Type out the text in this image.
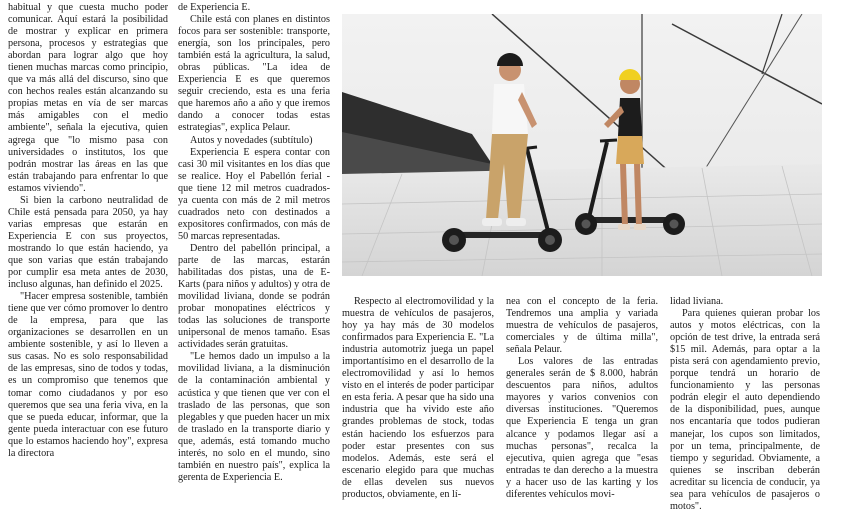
habitual y que cuesta mucho poder comunicar. Aquí estará la posibilidad de mostrar y explicar en primera persona, procesos y estrategias que abordan para lograr algo que hoy tienen muchas marcas como principio, que va más allá del discurso, sino que con hechos reales están alcanzando su propias metas en vía de ser marcas más amigables con el medio ambiente", señala la ejecutiva, quien agrega que "lo mismo pasa con universidades o institutos, los que podrán mostrar las áreas en las que están trabajando para enfrentar lo que estamos viviendo".

Si bien la carbono neutralidad de Chile está pensada para 2050, ya hay varias empresas que estarán en Experiencia E con sus proyectos, mostrando lo que están haciendo, ya que son varias que están trabajando por cumplir esa meta antes de 2030, incluso algunas, han definido el 2025.

"Hacer empresa sostenible, también tiene que ver cómo promover lo dentro de la empresa, para que las organizaciones se desarrollen en un ambiente sostenible, y así lo lleven a sus casas. No es solo responsabilidad de las empresas, sino de todos y todas, es un compromiso que tenemos que tomar como ciudadanos y por eso queremos que sea una feria viva, en la que se pueda educar, informar, que la gente pueda interactuar con ese futuro que lo estamos haciendo hoy", expresa la directora

de Experiencia E.

Chile está con planes en distintos focos para ser sostenible: transporte, energía, son los principales, pero también está la agricultura, la salud, obras públicas. "La idea de Experiencia E es que queremos seguir creciendo, esta es una feria que haremos año a año y que iremos dando a conocer todas estas estrategias", explica Pelaur.

Autos y novedades (subtítulo)

Experiencia E espera contar con casi 30 mil visitantes en los días que se realice. Hoy el Pabellón ferial -que tiene 12 mil metros cuadrados- ya cuenta con más de 2 mil metros cuadrados neto con destinados a expositores confirmados, con más de 50 marcas representadas.

Dentro del pabellón principal, a parte de las marcas, estarán habilitadas dos pistas, una de E-Karts (para niños y adultos) y otra de movilidad liviana, donde se podrán probar monopatines eléctricos y todas las soluciones de transporte unipersonal de menos tamaño. Esas actividades serán gratuitas.

"Le hemos dado un impulso a la movilidad liviana, a la disminución de la contaminación ambiental y acústica y que tienen que ver con el traslado de las personas, que son plegables y que pueden hacer un mix de traslado en la transporte diario y que, además, está tomando mucho interés, no solo en el mundo, sino también en nuestro país", explica la gerenta de Experiencia E.

Respecto al electromovilidad y la muestra de vehículos de pasajeros, hoy ya hay más de 30 modelos confirmados para Experiencia E. "La industria automotriz juega un papel importantísimo en el desarrollo de la electromovilidad y así lo hemos visto en el interés de poder participar en esta feria. A pesar que ha sido una industria que ha vivido este año grandes problemas de stock, todas están haciendo los esfuerzos para poder estar presentes con sus modelos. Además, este será el escenario elegido para que muchas de ellas develen sus nuevos productos, obviamente, en lí-

nea con el concepto de la feria. Tendremos una amplia y variada muestra de vehículos de pasajeros, comerciales y de última milla", señala Pelaur.

Los valores de las entradas generales serán de $ 8.000, habrán descuentos para niños, adultos mayores y varios convenios con diversas instituciones. "Queremos que Experiencia E tenga un gran alcance y podamos llegar así a muchas personas", recalca la ejecutiva, quien agrega que "esas entradas te dan derecho a la muestra y a hacer uso de las karting y los diferentes vehículos movi-

lidad liviana.

Para quienes quieran probar los autos y motos eléctricas, con la opción de test drive, la entrada será $15 mil. Además, para optar a la pista será con agendamiento previo, porque tendrá un horario de funcionamiento y las personas podrán elegir el auto dependiendo de la disponibilidad, pues, aunque nos encantaría que todos pudieran manejar, los cupos son limitados, por un tema, principalmente, de tiempo y seguridad. Obviamente, a quienes se inscriban deberán acreditar su licencia de conducir, ya sea para vehículos de pasajeros o motos".
